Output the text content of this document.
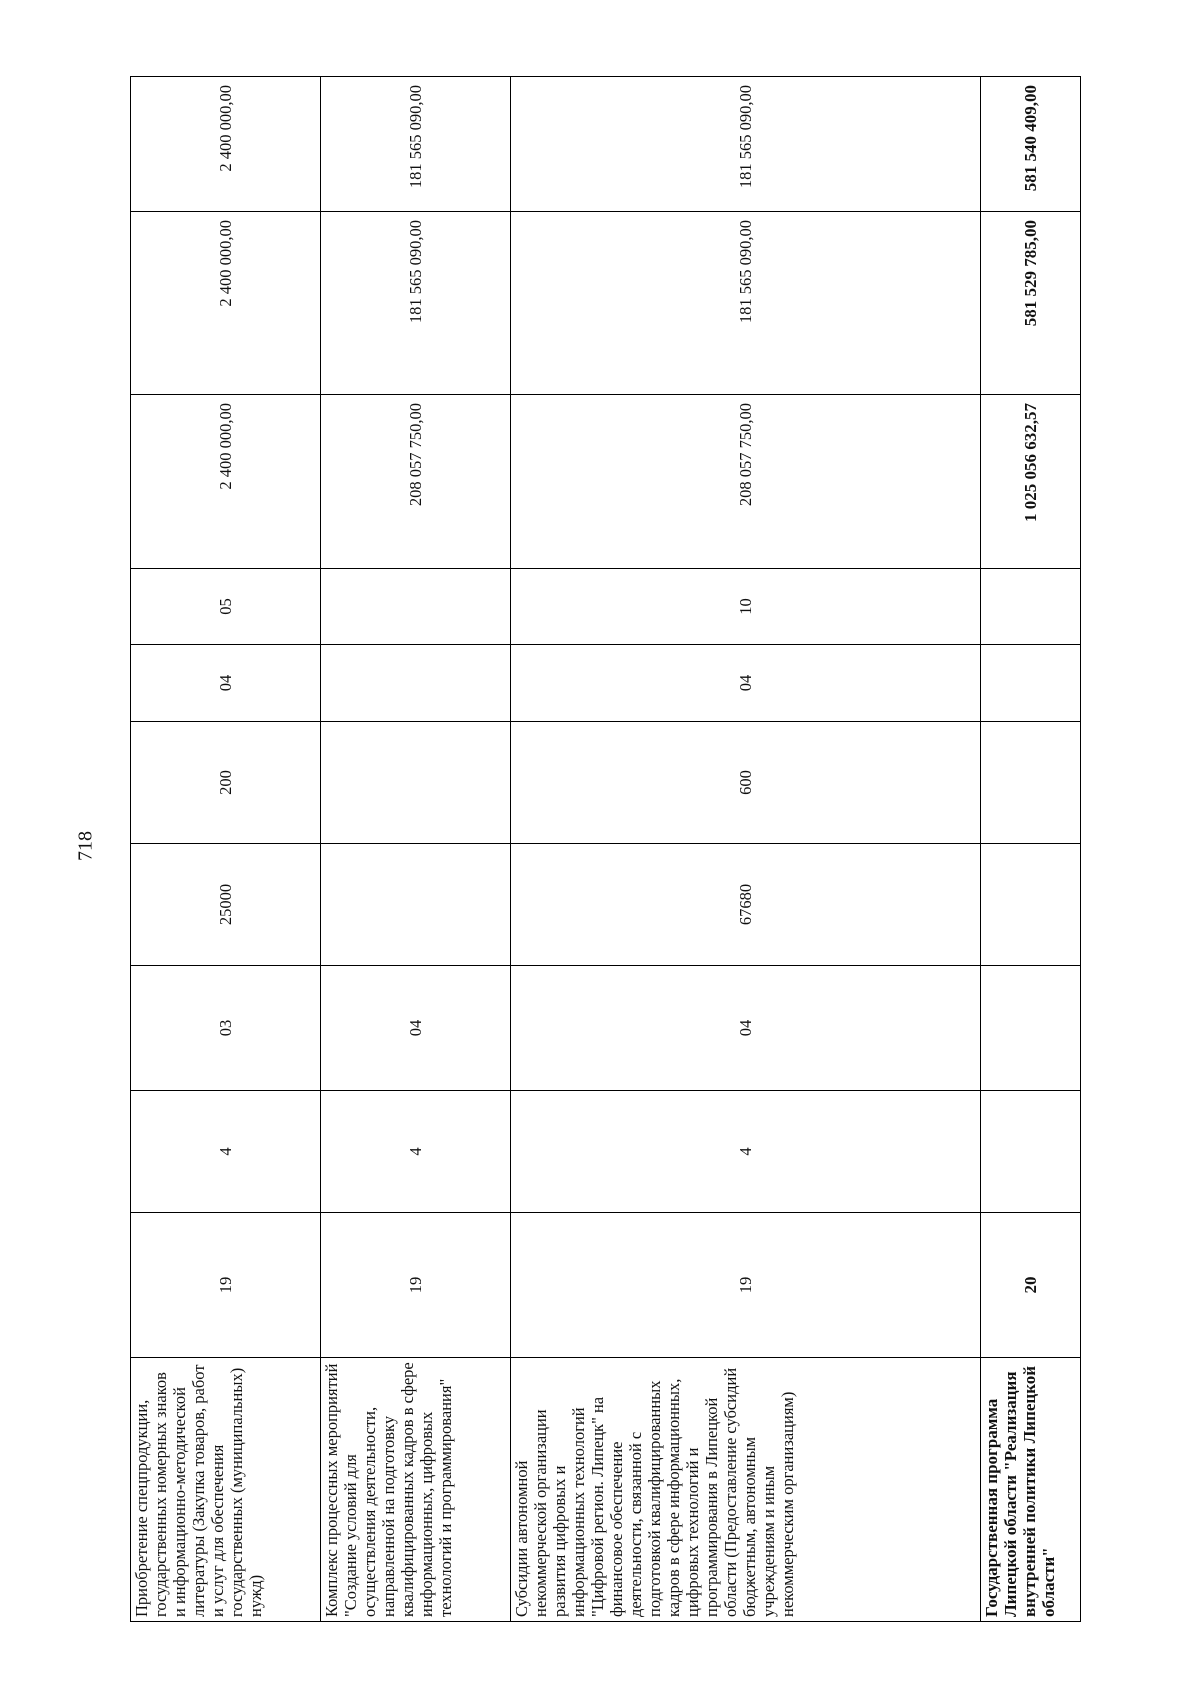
718
Приобретение спецпродукции, государственных номерных знаков и информационно-методической литературы (Закупка товаров, работ и услуг для обеспечения государственных (муниципальных) нужд)	19	4	03	25000	200	04	05	2 400 000,00	2 400 000,00	2 400 000,00
Комплекс процессных мероприятий "Создание условий для осуществления деятельности, направленной на подготовку квалифицированных кадров в сфере информационных, цифровых технологий и программирования"	19	4	04					208 057 750,00	181 565 090,00	181 565 090,00
Субсидии автономной некоммерческой организации развития цифровых и информационных технологий "Цифровой регион. Липецк" на финансовое обеспечение деятельности, связанной с подготовкой квалифицированных кадров в сфере информационных, цифровых технологий и программирования в Липецкой области (Предоставление субсидий бюджетным, автономным учреждениям и иным некоммерческим организациям)	19	4	04	67680	600	04	10	208 057 750,00	181 565 090,00	181 565 090,00
Государственная программа Липецкой области "Реализация внутренней политики Липецкой области"	20							1 025 056 632,57	581 529 785,00	581 540 409,00
